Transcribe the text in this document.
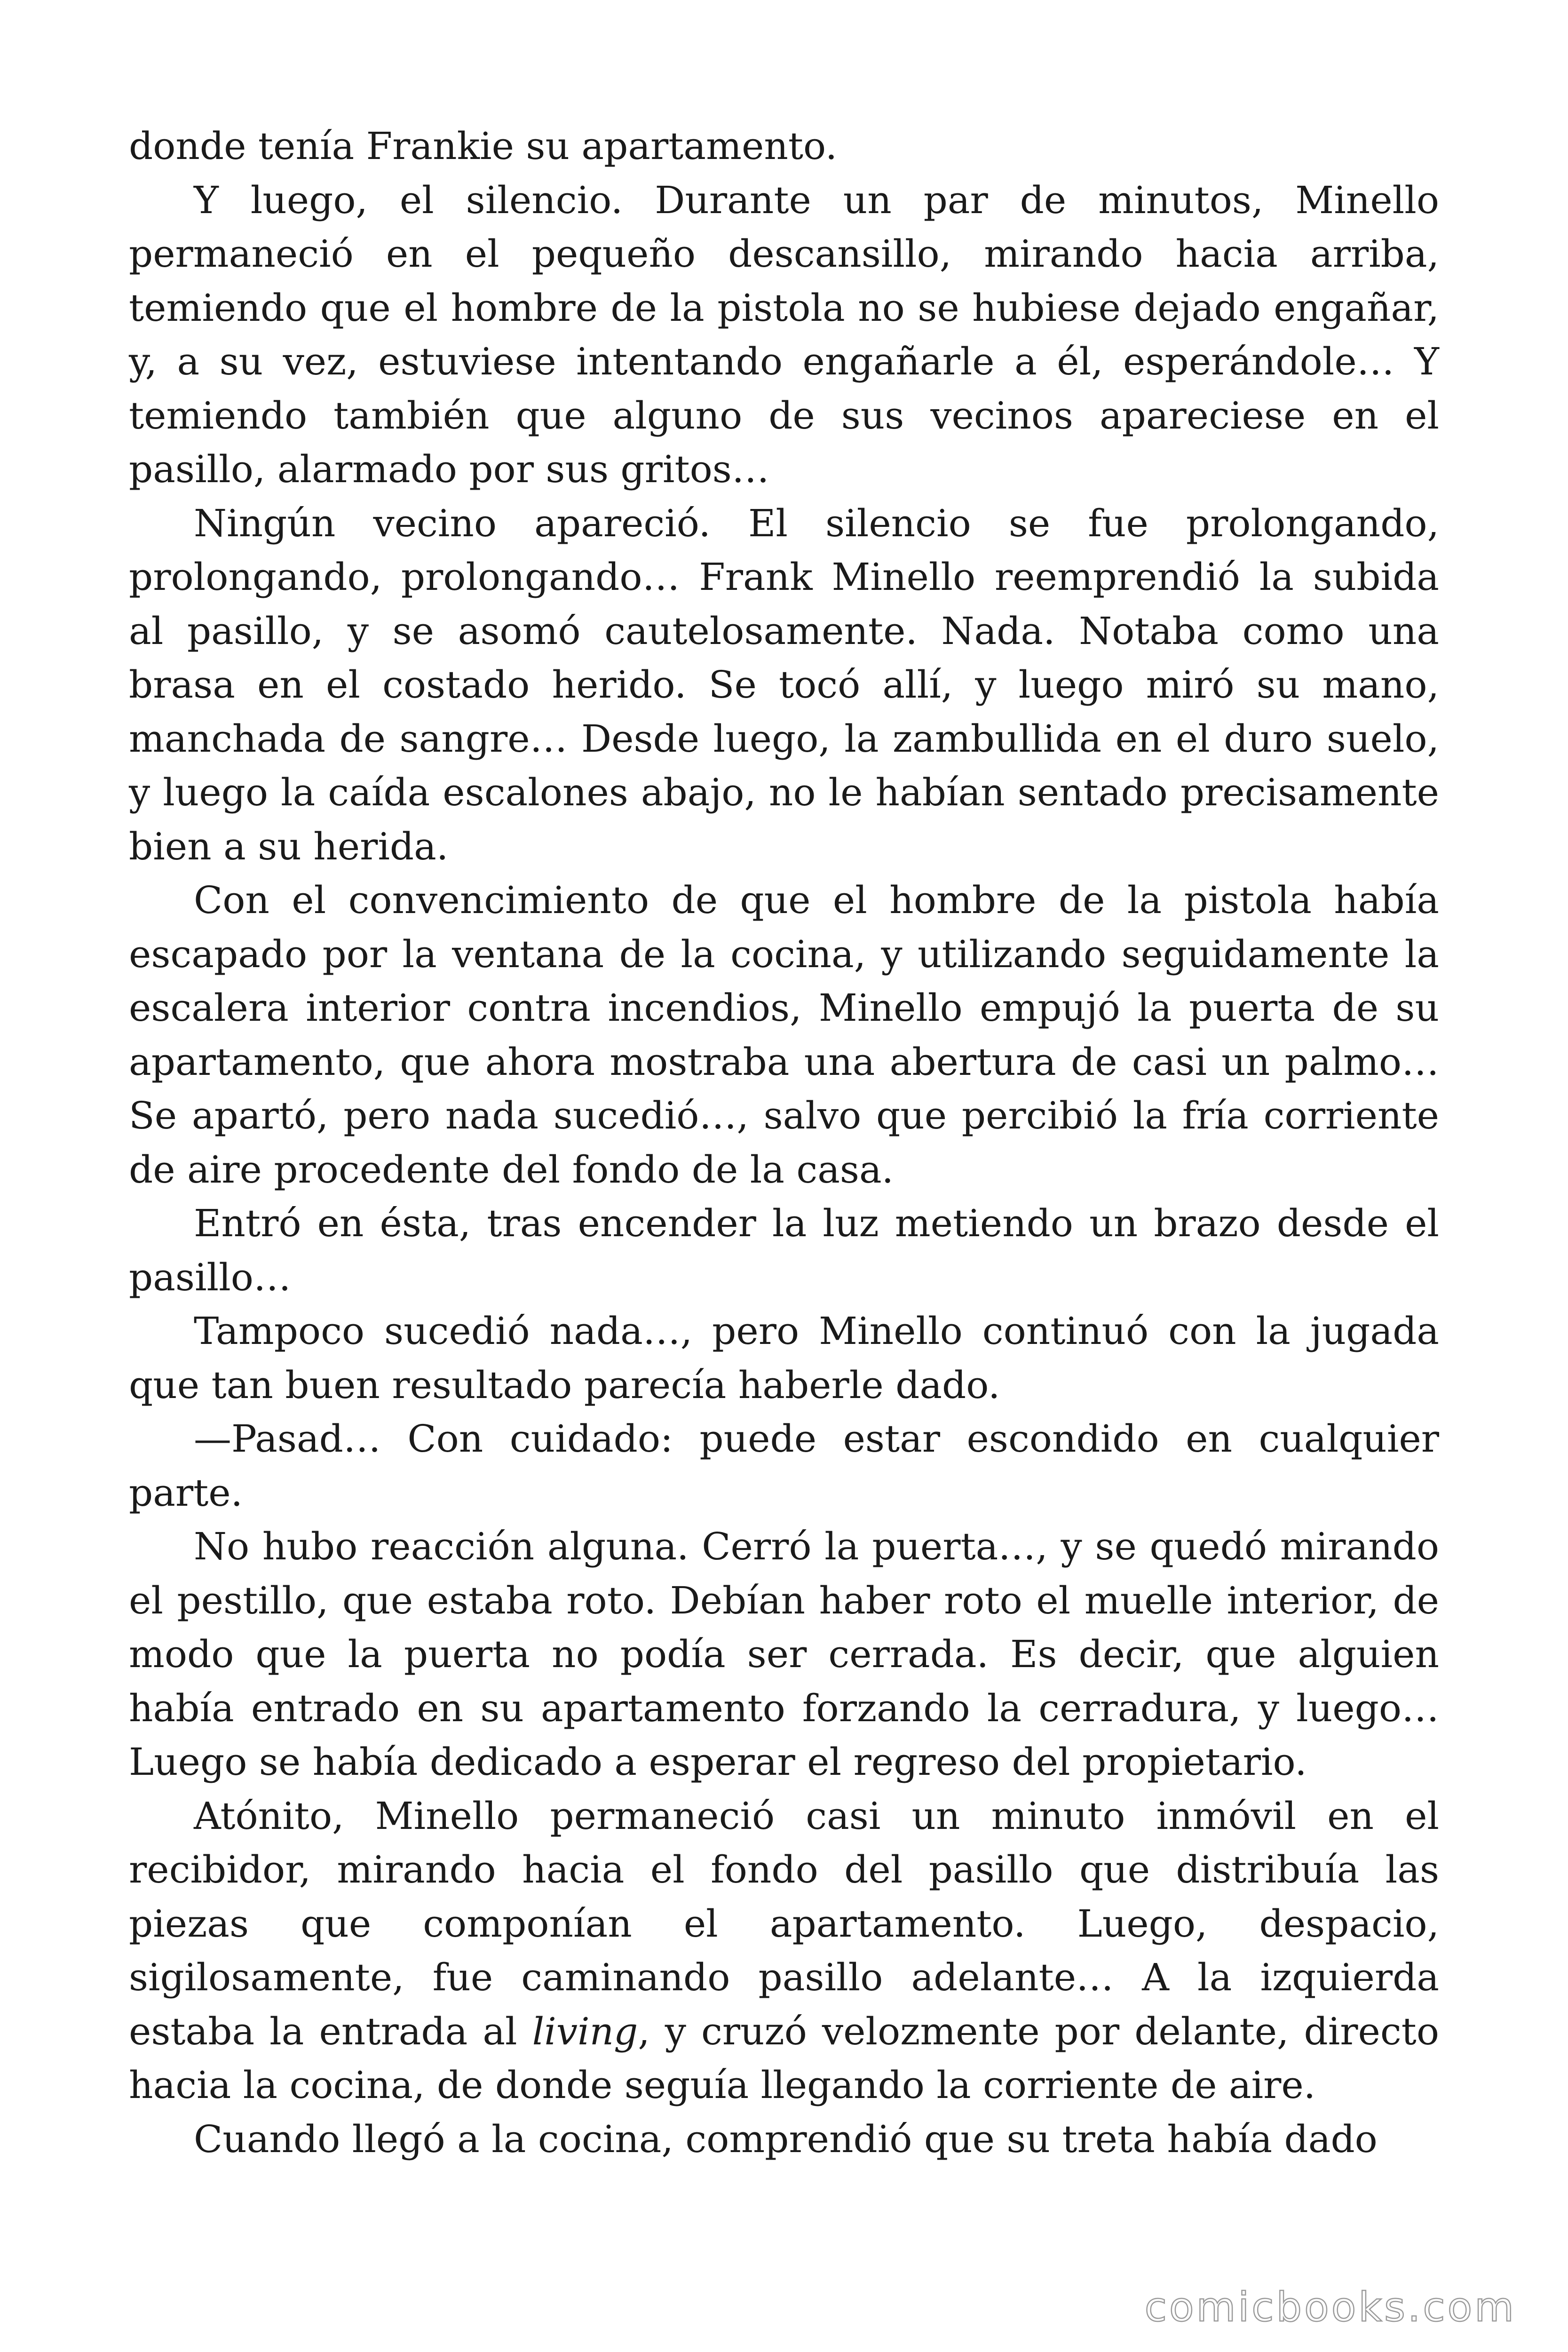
donde tenía Frankie su apartamento.

Y luego, el silencio. Durante un par de minutos, Minello permaneció en el pequeño descansillo, mirando hacia arriba, temiendo que el hombre de la pistola no se hubiese dejado engañar, y, a su vez, estuviese intentando engañarle a él, esperándole… Y temiendo también que alguno de sus vecinos apareciese en el pasillo, alarmado por sus gritos…

Ningún vecino apareció. El silencio se fue prolongando, prolongando, prolongando… Frank Minello reemprendió la subida al pasillo, y se asomó cautelosamente. Nada. Notaba como una brasa en el costado herido. Se tocó allí, y luego miró su mano, manchada de sangre… Desde luego, la zambullida en el duro suelo, y luego la caída escalones abajo, no le habían sentado precisamente bien a su herida.

Con el convencimiento de que el hombre de la pistola había escapado por la ventana de la cocina, y utilizando seguidamente la escalera interior contra incendios, Minello empujó la puerta de su apartamento, que ahora mostraba una abertura de casi un palmo… Se apartó, pero nada sucedió…, salvo que percibió la fría corriente de aire procedente del fondo de la casa.

Entró en ésta, tras encender la luz metiendo un brazo desde el pasillo…

Tampoco sucedió nada…, pero Minello continuó con la jugada que tan buen resultado parecía haberle dado.

—Pasad… Con cuidado: puede estar escondido en cualquier parte.

No hubo reacción alguna. Cerró la puerta…, y se quedó mirando el pestillo, que estaba roto. Debían haber roto el muelle interior, de modo que la puerta no podía ser cerrada. Es decir, que alguien había entrado en su apartamento forzando la cerradura, y luego… Luego se había dedicado a esperar el regreso del propietario.

Atónito, Minello permaneció casi un minuto inmóvil en el recibidor, mirando hacia el fondo del pasillo que distribuía las piezas que componían el apartamento. Luego, despacio, sigilosamente, fue caminando pasillo adelante… A la izquierda estaba la entrada al living, y cruzó velozmente por delante, directo hacia la cocina, de donde seguía llegando la corriente de aire.

Cuando llegó a la cocina, comprendió que su treta había dado

comicbooks.com
